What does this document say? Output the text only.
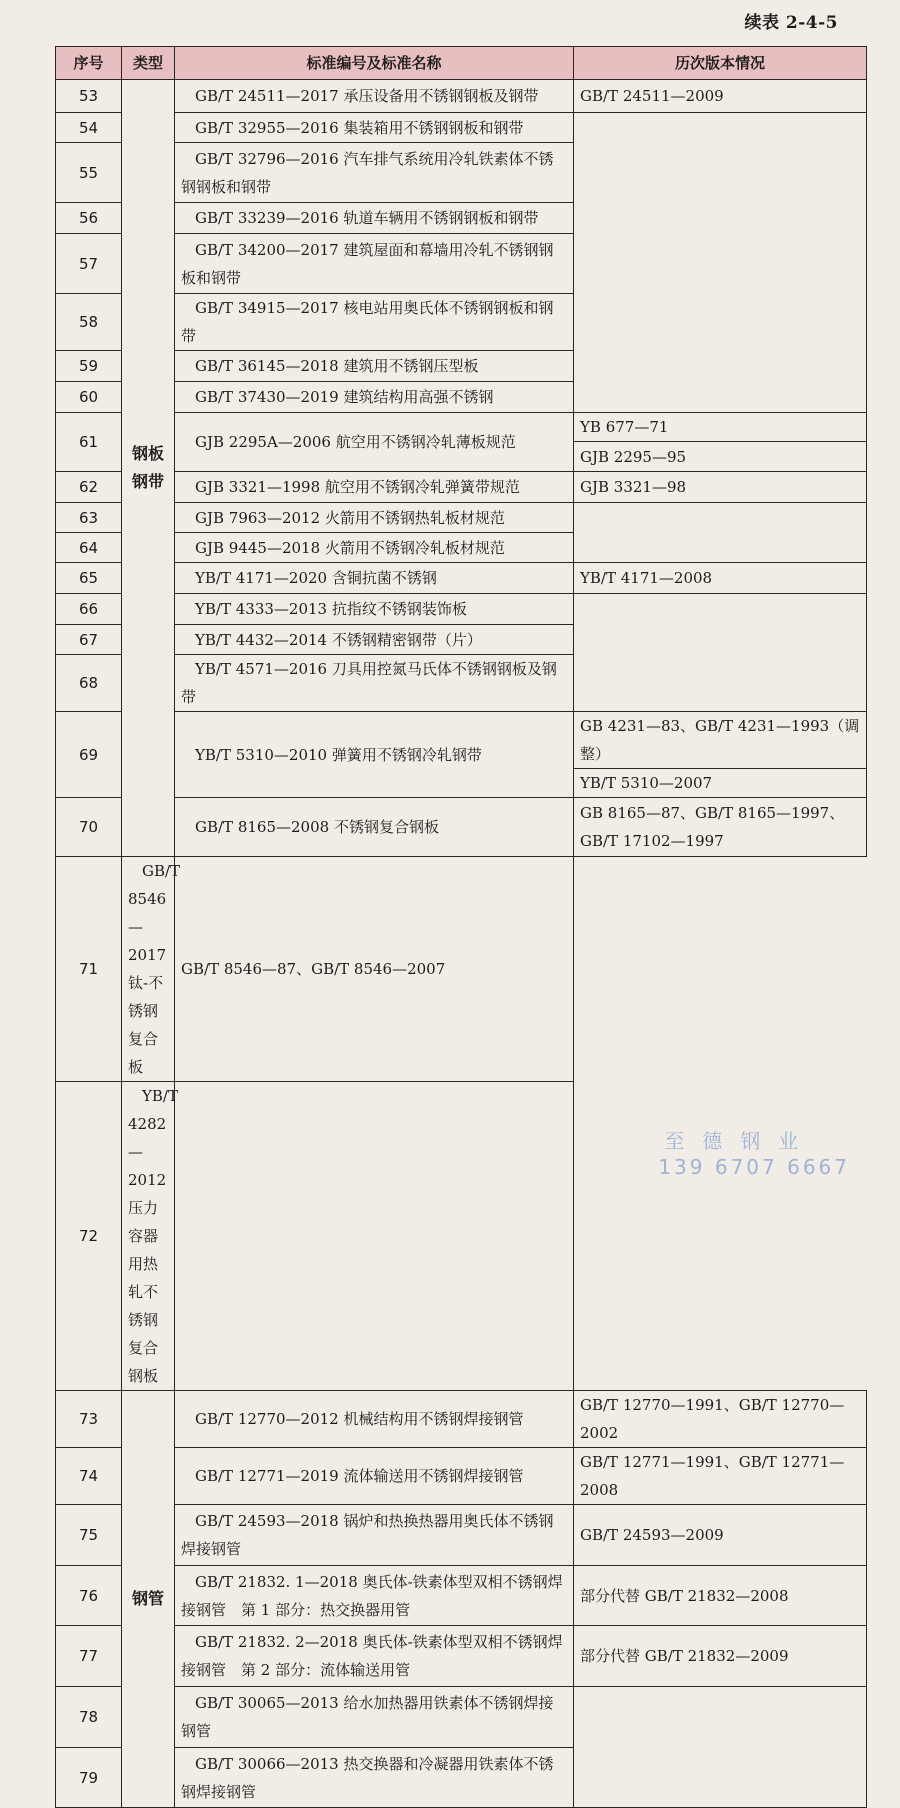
续表 2-4-5
序号	类型	标准编号及标准名称	历次版本情况
53	钢板钢带	GB/T 24511—2017 承压设备用不锈钢钢板及钢带	GB/T 24511—2009
54		GB/T 32955—2016 集装箱用不锈钢钢板和钢带	

55		GB/T 32796—2016 汽车排气系统用冷轧铁素体不锈钢钢板和钢带	

56		GB/T 33239—2016 轨道车辆用不锈钢钢板和钢带	

57		GB/T 34200—2017 建筑屋面和幕墙用冷轧不锈钢钢板和钢带	

58		GB/T 34915—2017 核电站用奥氏体不锈钢钢板和钢带	

59		GB/T 36145—2018 建筑用不锈钢压型板	

60		GB/T 37430—2019 建筑结构用高强不锈钢	

61		GJB 2295A—2006 航空用不锈钢冷轧薄板规范	YB 677—71
			GJB 2295—95
62		GJB 3321—1998 航空用不锈钢冷轧弹簧带规范	GJB 3321—98
63		GJB 7963—2012 火箭用不锈钢热轧板材规范	

64		GJB 9445—2018 火箭用不锈钢冷轧板材规范	

65		YB/T 4171—2020 含铜抗菌不锈钢	YB/T 4171—2008
66		YB/T 4333—2013 抗指纹不锈钢装饰板	

67		YB/T 4432—2014 不锈钢精密钢带（片）	

68		YB/T 4571—2016 刀具用控氮马氏体不锈钢钢板及钢带	

69		YB/T 5310—2010 弹簧用不锈钢冷轧钢带	GB 4231—83、GB/T 4231—1993（调整）
			YB/T 5310—2007
70		GB/T 8165—2008 不锈钢复合钢板	GB 8165—87、GB/T 8165—1997、GB/T 17102—1997
71	GB/T 8546—2017 钛-不锈钢复合板	GB/T 8546—87、GB/T 8546—2007	
72	YB/T 4282—2012 压力容器用热轧不锈钢复合钢板		

73	钢管	GB/T 12770—2012 机械结构用不锈钢焊接钢管	GB/T 12770—1991、GB/T 12770—2002
74		GB/T 12771—2019 流体输送用不锈钢焊接钢管	GB/T 12771—1991、GB/T 12771—2008
75		GB/T 24593—2018 锅炉和热换热器用奥氏体不锈钢焊接钢管	GB/T 24593—2009
76		GB/T 21832. 1—2018 奥氏体-铁素体型双相不锈钢焊接钢管　第 1 部分：热交换器用管	部分代替 GB/T 21832—2008
77		GB/T 21832. 2—2018 奥氏体-铁素体型双相不锈钢焊接钢管　第 2 部分：流体输送用管	部分代替 GB/T 21832—2009
78		GB/T 30065—2013 给水加热器用铁素体不锈钢焊接钢管	

79		GB/T 30066—2013 热交换器和冷凝器用铁素体不锈钢焊接钢管	
至德钢业
139 6707 6667
